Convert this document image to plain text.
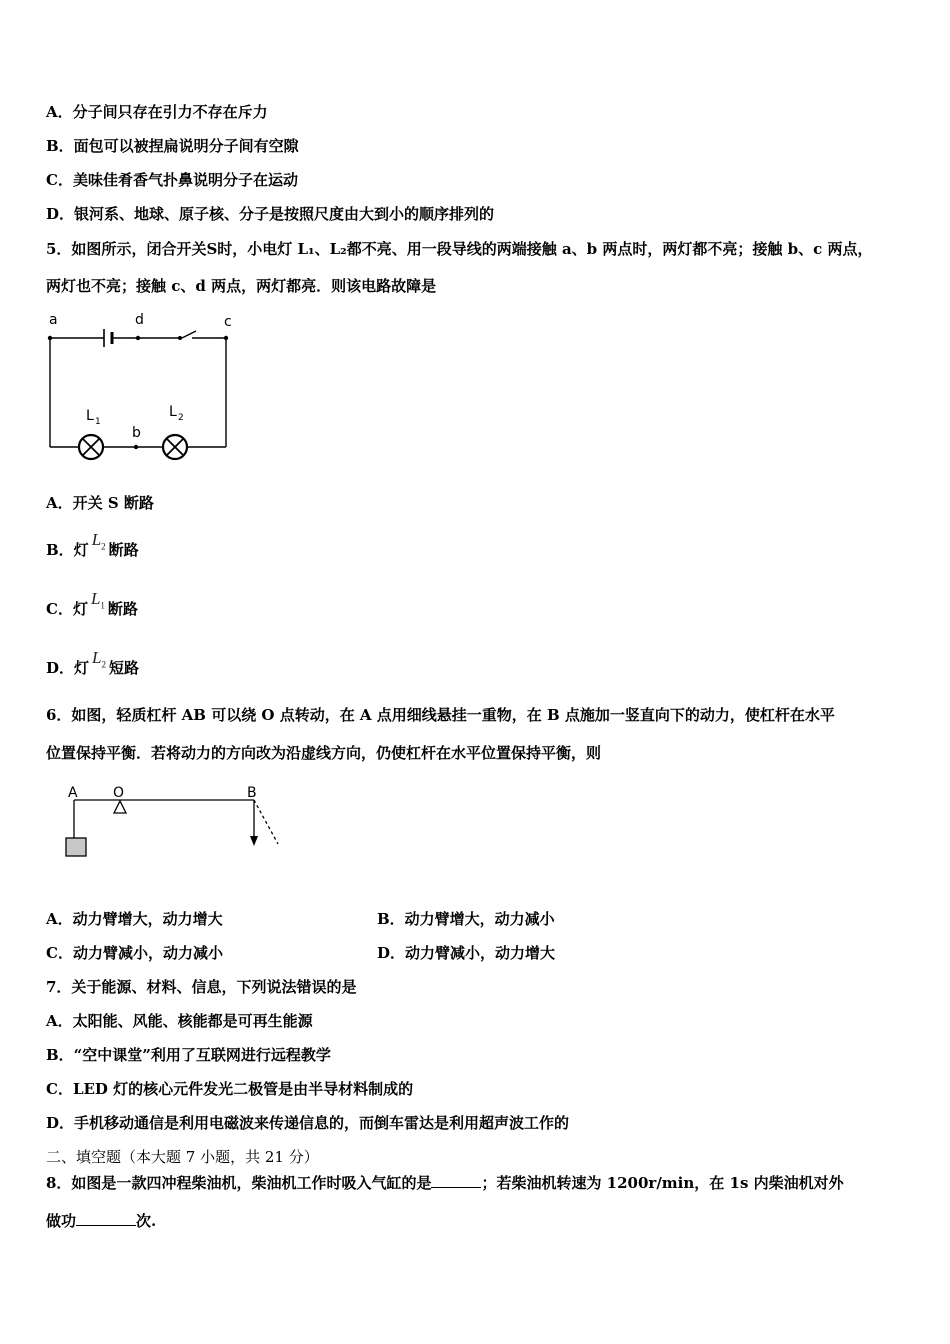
A．分子间只存在引力不存在斥力
B．面包可以被捏扁说明分子间有空隙
C．美味佳肴香气扑鼻说明分子在运动
D．银河系、地球、原子核、分子是按照尺度由大到小的顺序排列的
5．如图所示，闭合开关S时，小电灯 L₁、L₂都不亮、用一段导线的两端接触 a、b 两点时，两灯都不亮；接触 b、c 两点，
两灯也不亮；接触 c、d 两点，两灯都亮．则该电路故障是
a	d	c
b
L 1
L 2
A．开关 S 断路
B．灯$L_2$ 断路
C．灯$L_1$ 断路
D．灯$L_2$ 短路
6．如图，轻质杠杆 AB 可以绕 O 点转动，在 A 点用细线悬挂一重物，在 B 点施加一竖直向下的动力，使杠杆在水平
位置保持平衡．若将动力的方向改为沿虚线方向，仍使杠杆在水平位置保持平衡，则
A	O	B
A．动力臂增大，动力增大	B．动力臂增大，动力减小
C．动力臂减小，动力减小	D．动力臂减小，动力增大
7．关于能源、材料、信息，下列说法错误的是
A．太阳能、风能、核能都是可再生能源
B．“空中课堂”利用了互联网进行远程教学
C．LED 灯的核心元件发光二极管是由半导材料制成的
D．手机移动通信是利用电磁波来传递信息的，而倒车雷达是利用超声波工作的
二、填空题（本大题 7 小题，共 21 分）
8．如图是一款四冲程柴油机，柴油机工作时吸入气缸的是	；若柴油机转速为 1200r/min，在 1s 内柴油机对外
做功	次.
